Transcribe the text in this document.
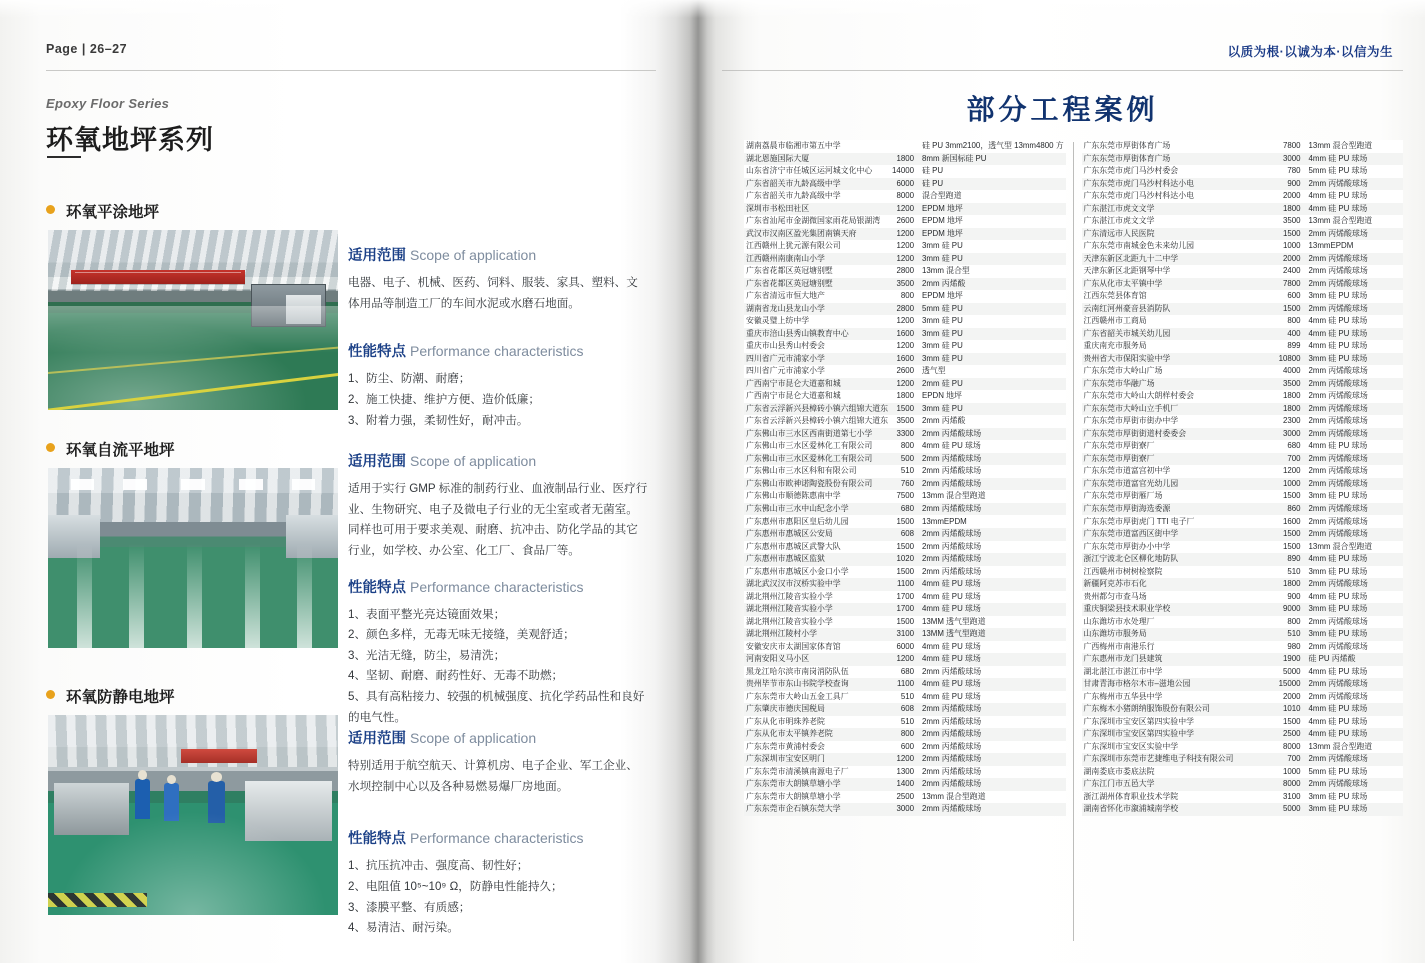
Page | 26–27
Epoxy Floor Series
环氧地坪系列
环氧平涂地坪
适用范围 Scope of application
电器、电子、机械、医药、饲料、服装、家具、塑料、文体用品等制造工厂的车间水泥或水磨石地面。
性能特点 Performance characteristics
1、防尘、防潮、耐磨；
2、施工快捷、维护方便、造价低廉；
3、附着力强，柔韧性好，耐冲击。
环氧自流平地坪
适用范围 Scope of application
适用于实行 GMP 标准的制药行业、血液制品行业、医疗行业、生物研究、电子及微电子行业的无尘室或者无菌室。同样也可用于要求美观、耐磨、抗冲击、防化学品的其它行业，如学校、办公室、化工厂、食品厂等。
性能特点 Performance characteristics
1、表面平整光亮达镜面效果；
2、颜色多样，无毒无味无接缝，美观舒适；
3、光洁无缝，防尘，易清洗；
4、坚韧、耐磨、耐药性好、无毒不助燃；
5、具有高粘接力、较强的机械强度、抗化学药品性和良好的电气性。
环氧防静电地坪
适用范围 Scope of application
特别适用于航空航天、计算机房、电子企业、军工企业、水坝控制中心以及各种易燃易爆厂房地面。
性能特点 Performance characteristics
1、抗压抗冲击、强度高、韧性好；
2、电阻值 10⁵~10⁹ Ω，防静电性能持久；
3、漆膜平整、有质感；
4、易清洁、耐污染。
以质为根·以诚为本·以信为生
部分工程案例
湖南荔晨市临湘市第五中学		硅 PU 3mm2100，透气型 13mm4800 方
湖北恩施国际大厦	1800	8mm 新国标硅 PU
山东省济宁市任城区运河城文化中心	14000	硅 PU
广东省韶关市九龄高级中学	6000	硅 PU
广东省韶关市九龄高级中学	8000	混合型跑道
深圳市书松田社区	1200	EPDM 地坪
广东省汕尾市金湖微国家雨花局银湖湾	2600	EPDM 地坪
武汉市汉南区盈光集团南镇天府	1200	EPDM 地坪
江西赣州上犹元源有限公司	1200	3mm 硅 PU
江西赣州南康南山小学	1200	3mm 硅 PU
广东省花都区英冠塘别墅	2800	13mm 混合型
广东省花都区英冠塘别墅	3500	2mm 丙烯酸
广东省清远市恒大地产	800	EPDM 地坪
湖南省龙山县龙山小学	2800	5mm 硅 PU
安徽灵璧上纺中学	1200	3mm 硅 PU
重庆市涪山县秀山镇教育中心	1600	3mm 硅 PU
重庆市山县秀山村委会	1200	3mm 硅 PU
四川省广元市浦家小学	1600	3mm 硅 PU
四川省广元市浦家小学	2600	透气型
广西南宁市昆仑大道嘉和城	1200	2mm 硅 PU
广西南宁市昆仑大道嘉和城	1800	EPDN 地坪
广东省云浮新兴县樟砖小镇六组锦大道东	1500	3mm 硅 PU
广东省云浮新兴县樟砖小镇六组锦大道东	3500	2mm 丙烯酸
广东佛山市三水区西南街道第七小学	3300	2mm 丙烯酸球场
广东佛山市三水区爱林化工有限公司	800	4mm 硅 PU 球场
广东佛山市三水区爱林化工有限公司	500	2mm 丙烯酸球场
广东佛山市三水区科和有限公司	510	2mm 丙烯酸球场
广东佛山市欧神诺陶瓷股份有限公司	760	2mm 丙烯酸球场
广东佛山市顺德陈惠南中学	7500	13mm 混合型跑道
广东佛山市三水中山纪念小学	680	2mm 丙烯酸球场
广东惠州市惠阳区皇后幼儿园	1500	13mmEPDM
广东惠州市惠城区公安局	608	2mm 丙烯酸球场
广东惠州市惠城区武警大队	1500	2mm 丙烯酸球场
广东惠州市惠城区监狱	1020	2mm 丙烯酸球场
广东惠州市惠城区小金口小学	1500	2mm 丙烯酸球场
湖北武汉汉市汉桥实验中学	1100	4mm 硅 PU 球场
湖北荆州江陵音实验小学	1700	4mm 硅 PU 球场
湖北荆州江陵音实验小学	1700	4mm 硅 PU 球场
湖北荆州江陵音实验小学	1500	13MM 透气型跑道
湖北荆州江陵村小学	3100	13MM 透气型跑道
安徽安庆市太湖国家体育馆	6000	4mm 硅 PU 球场
河南安阳义马小区	1200	4mm 硅 PU 球场
黑龙江哈尔滨市南岗消防队伍	680	2mm 丙烯酸球场
贵州毕节市东山书院学校查询	1100	4mm 硅 PU 球场
广东东莞市大岭山五金工具厂	510	4mm 硅 PU 球场
广东肇庆市德庆国税局	608	2mm 丙烯酸球场
广东从化市明珠养老院	510	2mm 丙烯酸球场
广东从化市太平镇养老院	800	2mm 丙烯酸球场
广东东莞市黄浦村委会	600	2mm 丙烯酸球场
广东深圳市宝安区明门	1200	2mm 丙烯酸球场
广东东莞市清溪镇南源电子厂	1300	2mm 丙烯酸球场
广东东莞市大朗镇草塘小学	1400	2mm 丙烯酸球场
广东东莞市大朗镇草塘小学	2500	13mm 混合型跑道
广东东莞市企石镇东莞大学	3000	2mm 丙烯酸球场
广东东莞市厚街体育广场	7800	13mm 混合型跑道
广东东莞市厚街体育广场	3000	4mm 硅 PU 球场
广东东莞市虎门马沙村委会	780	5mm 硅 PU 球场
广东东莞市虎门马沙村科达小电	900	2mm 丙烯酸球场
广东东莞市虎门马沙村科达小电	2000	4mm 硅 PU 球场
广东湛江市虎文文学	1800	4mm 硅 PU 球场
广东湛江市虎文文学	3500	13mm 混合型跑道
广东清远市人民医院	1500	2mm 丙烯酸球场
广东东莞市南城金色未来幼儿园	1000	13mmEPDM
天津东新区北距九十二中学	2000	2mm 丙烯酸球场
天津东新区北距钢琴中学	2400	2mm 丙烯酸球场
广东从化市太平镇中学	7800	2mm 丙烯酸球场
江西东莞县体育馆	600	3mm 硅 PU 球场
云南红河州豪音县消防队	1500	2mm 丙烯酸球场
江西赣州市工商局	800	4mm 硅 PU 球场
广东省韶关市城关幼儿园	400	4mm 硅 PU 球场
重庆南充市服务局	899	4mm 硅 PU 球场
贵州省大市保阳实验中学	10800	3mm 硅 PU 球场
广东东莞市大岭山广场	4000	2mm 丙烯酸球场
广东东莞市华融广场	3500	2mm 丙烯酸球场
广东东莞市大岭山大朗样村委会	1800	2mm 丙烯酸球场
广东东莞市大岭山立手机厂	1800	2mm 丙烯酸球场
广东东莞市厚街市街办中学	2300	2mm 丙烯酸球场
广东东莞市厚街街道村委委会	3000	2mm 丙烯酸球场
广东东莞市厚街寮厂	680	4mm 硅 PU 球场
广东东莞市厚街寮厂	700	2mm 丙烯酸球场
广东东莞市道富宫初中学	1200	2mm 丙烯酸球场
广东东莞市道富官光幼儿园	1000	2mm 丙烯酸球场
广东东莞市厚街雁厂场	1500	3mm 硅 PU 球场
广东东莞市厚街海选委源	860	2mm 丙烯酸球场
广东东莞市厚街虎门 TTI 电子厂	1600	2mm 丙烯酸球场
广东东莞市道富西区街中学	1500	2mm 丙烯酸球场
广东东莞市厚街办小中学	1500	13mm 混合型跑道
浙江宁波北仑区柳化地防队	890	4mm 硅 PU 球场
江西赣州市树树检察院	510	3mm 硅 PU 球场
新疆阿克苏市石化	1800	2mm 丙烯酸球场
贵州都匀市查马场	900	4mm 硅 PU 球场
重庆铜梁县技术职业学校	9000	3mm 硅 PU 球场
山东潍坊市水处理厂	800	2mm 丙烯酸球场
山东潍坊市服务局	510	3mm 硅 PU 球场
广西梅州市南港乐行	980	2mm 丙烯酸球场
广东惠州市龙门县建筑	1900	硅 PU 丙烯酸
湖北湛江市湛江市中学	5000	4mm 硅 PU 球场
甘肃青海市格尔木市–滋地公园	15000	2mm 丙烯酸球场
广东梅州市五华县中学	2000	2mm 丙烯酸球场
广东梅木小猪朗纳服饰股份有限公司	1010	4mm 硅 PU 球场
广东深圳市宝安区第四实验中学	1500	4mm 硅 PU 球场
广东深圳市宝安区第四实验中学	2500	4mm 硅 PU 球场
广东深圳市宝安区实验中学	8000	13mm 混合型跑道
广东深圳市东莞市艺捷维电子科技有限公司	700	2mm 丙烯酸球场
湖南娄底市娄底法院	1000	5mm 硅 PU 球场
广东江门市五邑大学	8000	2mm 丙烯酸球场
浙江湖州体育职业技术学院	3100	3mm 硅 PU 球场
湖南省怀化市溆浦城南学校	5000	3mm 硅 PU 球场
